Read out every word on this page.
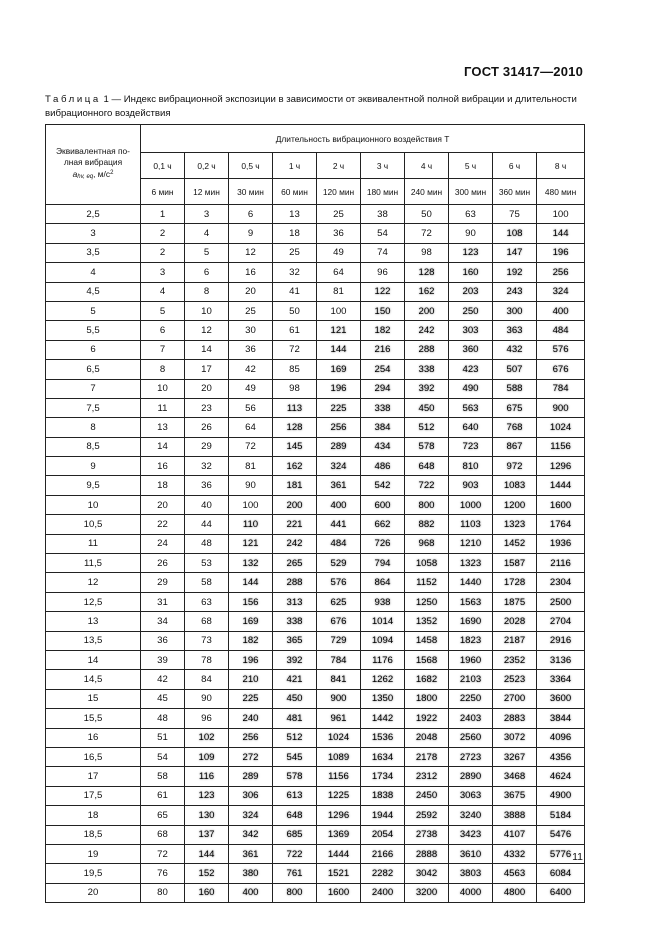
ГОСТ 31417—2010
Таблица 1 — Индекс вибрационной экспозиции в зависимости от эквивалентной полной вибрации и длительности вибрационного воздействия
Эквивалентная по-
лная вибрация
ahv, eq, $м/с^2$	Длительность вибрационного воздействия Т									
	0,1 ч	0,2 ч	0,5 ч	1 ч	2 ч	3 ч	4 ч	5 ч	6 ч	8 ч
	6 мин	12 мин	30 мин	60 мин	120 мин	180 мин	240 мин	300 мин	360 мин	480 мин
2,5	1	3	6	13	25	38	50	63	75	100
3	2	4	9	18	36	54	72	90	108	144
3,5	2	5	12	25	49	74	98	123	147	196
4	3	6	16	32	64	96	128	160	192	256
4,5	4	8	20	41	81	122	162	203	243	324
5	5	10	25	50	100	150	200	250	300	400
5,5	6	12	30	61	121	182	242	303	363	484
6	7	14	36	72	144	216	288	360	432	576
6,5	8	17	42	85	169	254	338	423	507	676
7	10	20	49	98	196	294	392	490	588	784
7,5	11	23	56	113	225	338	450	563	675	900
8	13	26	64	128	256	384	512	640	768	1024
8,5	14	29	72	145	289	434	578	723	867	1156
9	16	32	81	162	324	486	648	810	972	1296
9,5	18	36	90	181	361	542	722	903	1083	1444
10	20	40	100	200	400	600	800	1000	1200	1600
10,5	22	44	110	221	441	662	882	1103	1323	1764
11	24	48	121	242	484	726	968	1210	1452	1936
11,5	26	53	132	265	529	794	1058	1323	1587	2116
12	29	58	144	288	576	864	1152	1440	1728	2304
12,5	31	63	156	313	625	938	1250	1563	1875	2500
13	34	68	169	338	676	1014	1352	1690	2028	2704
13,5	36	73	182	365	729	1094	1458	1823	2187	2916
14	39	78	196	392	784	1176	1568	1960	2352	3136
14,5	42	84	210	421	841	1262	1682	2103	2523	3364
15	45	90	225	450	900	1350	1800	2250	2700	3600
15,5	48	96	240	481	961	1442	1922	2403	2883	3844
16	51	102	256	512	1024	1536	2048	2560	3072	4096
16,5	54	109	272	545	1089	1634	2178	2723	3267	4356
17	58	116	289	578	1156	1734	2312	2890	3468	4624
17,5	61	123	306	613	1225	1838	2450	3063	3675	4900
18	65	130	324	648	1296	1944	2592	3240	3888	5184
18,5	68	137	342	685	1369	2054	2738	3423	4107	5476
19	72	144	361	722	1444	2166	2888	3610	4332	5776
19,5	76	152	380	761	1521	2282	3042	3803	4563	6084
20	80	160	400	800	1600	2400	3200	4000	4800	6400
11
